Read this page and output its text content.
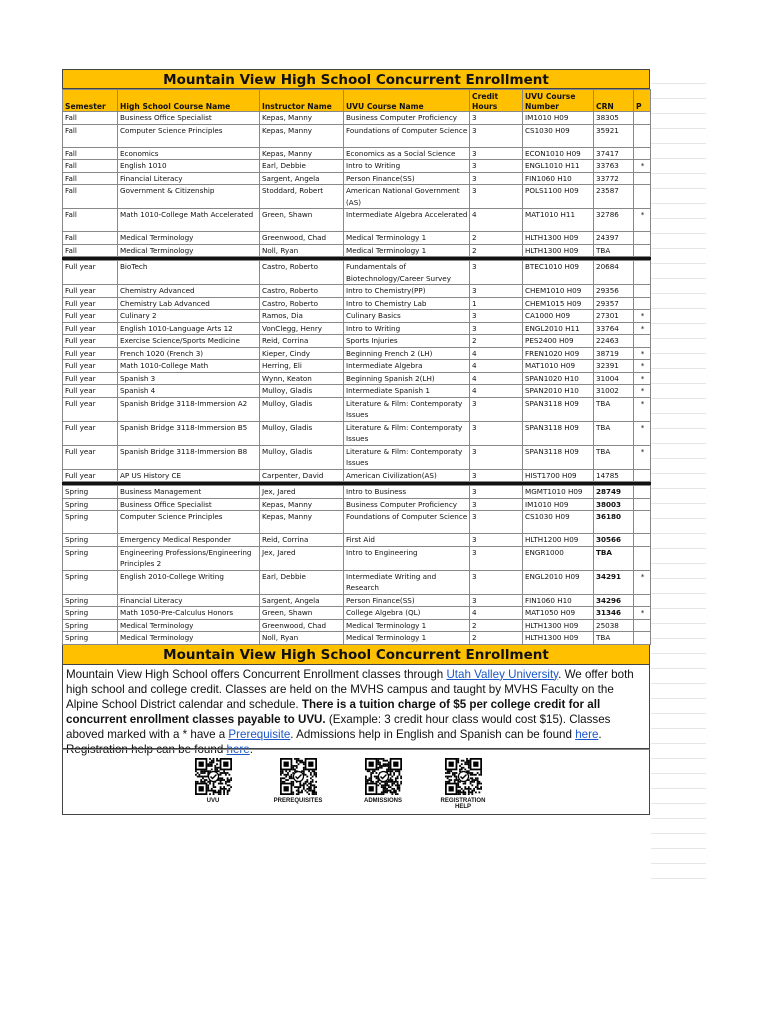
Mountain View High School Concurrent Enrollment
Semester	High School Course Name	Instructor Name	UVU Course Name	Credit Hours	UVU Course Number	CRN	P
Fall	Business Office Specialist	Kepas, Manny	Business Computer Proficiency	3	IM1010 H09	38305	
Fall	Computer Science Principles	Kepas, Manny	Foundations of Computer Science	3	CS1030 H09	35921	
Fall	Economics	Kepas, Manny	Economics as a Social Science	3	ECON1010 H09	37417	
Fall	English 1010	Earl, Debbie	Intro to Writing	3	ENGL1010 H11	33763	*
Fall	Financial Literacy	Sargent, Angela	Person Finance(SS)	3	FIN1060 H10	33772	
Fall	Government & Citizenship	Stoddard, Robert	American National Government (AS)	3	POLS1100 H09	23587	
Fall	Math 1010-College Math Accelerated	Green, Shawn	Intermediate Algebra Accelerated	4	MAT1010 H11	32786	*
Fall	Medical Terminology	Greenwood, Chad	Medical Terminology 1	2	HLTH1300 H09	24397	
Fall	Medical Terminology	Noll, Ryan	Medical Terminology 1	2	HLTH1300 H09	TBA	

Full year	BioTech	Castro, Roberto	Fundamentals of Biotechnology/Career Survey	3	BTEC1010 H09	20684	
Full year	Chemistry Advanced	Castro, Roberto	Intro to Chemistry(PP)	3	CHEM1010 H09	29356	
Full year	Chemistry Lab Advanced	Castro, Roberto	Intro to Chemistry Lab	1	CHEM1015 H09	29357	
Full year	Culinary 2	Ramos, Dia	Culinary Basics	3	CA1000 H09	27301	*
Full year	English 1010-Language Arts 12	VonClegg, Henry	Intro to Writing	3	ENGL2010 H11	33764	*
Full year	Exercise Science/Sports Medicine	Reid, Corrina	Sports Injuries	2	PES2400 H09	22463	
Full year	French 1020 (French 3)	Kieper, Cindy	Beginning French 2 (LH)	4	FREN1020 H09	38719	*
Full year	Math 1010-College Math	Herring, Eli	Intermediate Algebra	4	MAT1010 H09	32391	*
Full year	Spanish 3	Wynn, Keaton	Beginning Spanish 2(LH)	4	SPAN1020 H10	31004	*
Full year	Spanish 4	Mulloy, Gladis	Intermediate Spanish 1	4	SPAN2010 H10	31002	*
Full year	Spanish Bridge 3118-Immersion A2	Mulloy, Gladis	Literature & Film: Contemporaty Issues	3	SPAN3118 H09	TBA	*
Full year	Spanish Bridge 3118-Immersion B5	Mulloy, Gladis	Literature & Film: Contemporaty Issues	3	SPAN3118 H09	TBA	*
Full year	Spanish Bridge 3118-Immersion B8	Mulloy, Gladis	Literature & Film: Contemporaty Issues	3	SPAN3118 H09	TBA	*
Full year	AP US History CE	Carpenter, David	American Civilization(AS)	3	HIST1700 H09	14785	

Spring	Business Management	Jex, Jared	Intro to Business	3	MGMT1010 H09	28749	
Spring	Business Office Specialist	Kepas, Manny	Business Computer Proficiency	3	IM1010 H09	38003	
Spring	Computer Science Principles	Kepas, Manny	Foundations of Computer Science	3	CS1030 H09	36180	
Spring	Emergency Medical Responder	Reid, Corrina	First Aid	3	HLTH1200 H09	30566	
Spring	Engineering Professions/Engineering Principles 2	Jex, Jared	Intro to Engineering	3	ENGR1000	TBA	
Spring	English 2010-College Writing	Earl, Debbie	Intermediate Writing and Research	3	ENGL2010 H09	34291	*
Spring	Financial Literacy	Sargent, Angela	Person Finance(SS)	3	FIN1060 H10	34296	
Spring	Math 1050-Pre-Calculus Honors	Green, Shawn	College Algebra (QL)	4	MAT1050 H09	31346	*
Spring	Medical Terminology	Greenwood, Chad	Medical Terminology 1	2	HLTH1300 H09	25038	
Spring	Medical Terminology	Noll, Ryan	Medical Terminology 1	2	HLTH1300 H09	TBA	
Mountain View High School Concurrent Enrollment
Mountain View High School offers Concurrent Enrollment classes through Utah Valley University. We offer both high school and college credit. Classes are held on the MVHS campus and taught by MVHS Faculty on the Alpine School District calendar and schedule. There is a tuition charge of $5 per college credit for all concurrent enrollment classes payable to UVU. (Example: 3 credit hour class would cost $15). Classes aboved marked with a * have a Prerequisite. Admissions help in English and Spanish can be found here. Registration help can be found here.
UVU	PREREQUISITES	ADMISSIONS	REGISTRATION HELP
